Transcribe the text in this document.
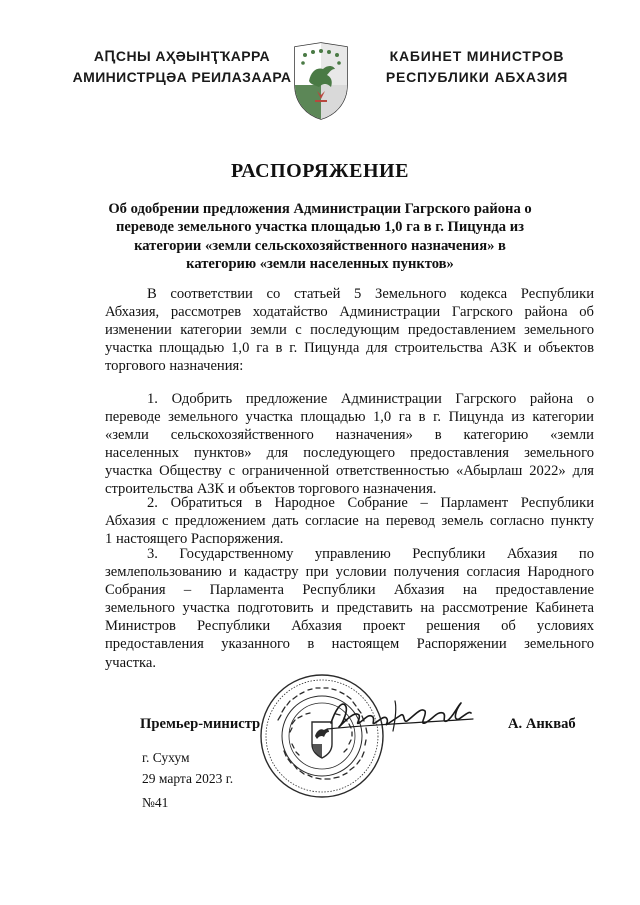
АԤСНЫ АҲӘЫНҬҠАРРА
АМИНИСТРЦӘА РЕИЛАЗААРА
КАБИНЕТ МИНИСТРОВ
РЕСПУБЛИКИ АБХАЗИЯ
РАСПОРЯЖЕНИЕ
Об одобрении предложения Администрации Гагрского района о
переводе земельного участка площадью 1,0 га в г. Пицунда из
категории «земли сельскохозяйственного назначения» в
категорию «земли населенных пунктов»
В соответствии со статьей 5 Земельного кодекса Республики
Абхазия, рассмотрев ходатайство Администрации Гагрского района об
изменении категории земли с последующим предоставлением земельного
участка площадью 1,0 га в г. Пицунда для строительства АЗК и объектов
торгового назначения:
1. Одобрить предложение Администрации Гагрского района о
переводе земельного участка площадью 1,0 га в г. Пицунда из категории
«земли сельскохозяйственного назначения» в категорию «земли
населенных пунктов» для последующего предоставления земельного
участка Обществу с ограниченной ответственностью «Абырлаш 2022» для
строительства АЗК и объектов торгового назначения.
2. Обратиться в Народное Собрание – Парламент Республики
Абхазия с предложением дать согласие на перевод земель согласно пункту
1 настоящего Распоряжения.
3. Государственному управлению Республики Абхазия по
землепользованию и кадастру при условии получения согласия Народного
Собрания – Парламента Республики Абхазия на предоставление
земельного участка подготовить и представить на рассмотрение Кабинета
Министров Республики Абхазия проект решения об условиях
предоставления указанного в настоящем Распоряжении земельного
участка.
Премьер-министр	А. Анкваб
г. Сухум
29 марта 2023 г.
№41
